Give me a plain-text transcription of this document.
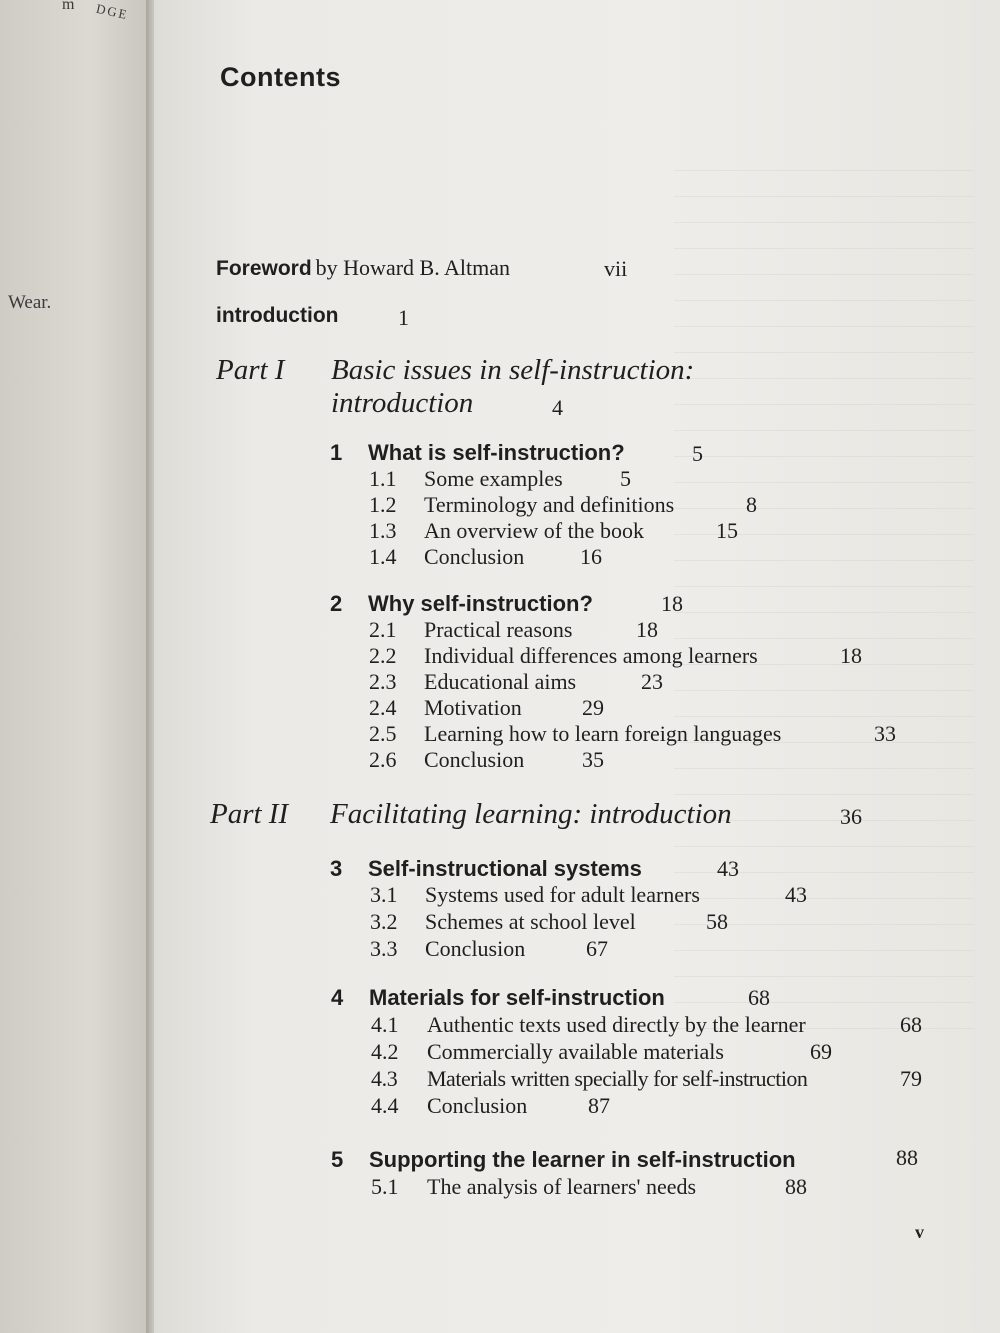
m DGE
Wear.
Contents
Foreword by Howard B. Altman	vii
introduction	1
Part I Basic issues in self-instruction:
introduction	4
1 What is self-instruction?	5
1.1 Some examples	5
1.2 Terminology and definitions	8
1.3 An overview of the book	15
1.4 Conclusion	16
2 Why self-instruction?	18
2.1 Practical reasons	18
2.2 Individual differences among learners	18
2.3 Educational aims	23
2.4 Motivation	29
2.5 Learning how to learn foreign languages	33
2.6 Conclusion	35
Part II Facilitating learning: introduction	36
3 Self-instructional systems	43
3.1 Systems used for adult learners	43
3.2 Schemes at school level	58
3.3 Conclusion	67
4 Materials for self-instruction	68
4.1 Authentic texts used directly by the learner	68
4.2 Commercially available materials	69
4.3 Materials written specially for self-instruction	79
4.4 Conclusion	87
5 Supporting the learner in self-instruction	88
5.1 The analysis of learners' needs	88
v
